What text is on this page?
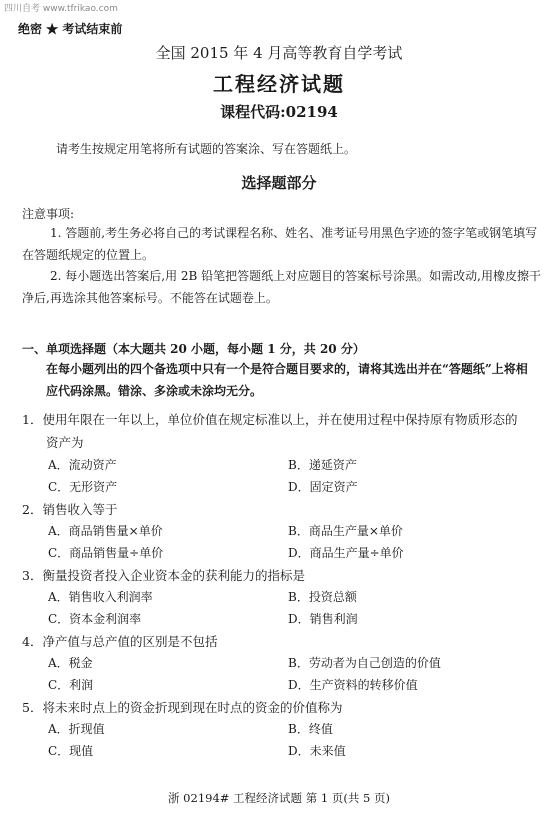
四川自考 www.tfrikao.com
绝密 ★ 考试结束前
全国 2015 年 4 月高等教育自学考试
工程经济试题
课程代码:02194
请考生按规定用笔将所有试题的答案涂、写在答题纸上。
选择题部分
注意事项:
1. 答题前,考生务必将自己的考试课程名称、姓名、准考证号用黑色字迹的签字笔或钢笔填写在答题纸规定的位置上。
2. 每小题选出答案后,用 2B 铅笔把答题纸上对应题目的答案标号涂黑。如需改动,用橡皮擦干净后,再选涂其他答案标号。不能答在试题卷上。
一、单项选择题（本大题共 20 小题，每小题 1 分，共 20 分）
在每小题列出的四个备选项中只有一个是符合题目要求的，请将其选出并在“答题纸”上将相应代码涂黑。错涂、多涂或未涂均无分。
1．使用年限在一年以上，单位价值在规定标准以上，并在使用过程中保持原有物质形态的
资产为
A．流动资产	B．递延资产
C．无形资产	D．固定资产
2．销售收入等于
A．商品销售量×单价	B．商品生产量×单价
C．商品销售量÷单价	D．商品生产量÷单价
3．衡量投资者投入企业资本金的获利能力的指标是
A．销售收入利润率	B．投资总额
C．资本金利润率	D．销售利润
4．净产值与总产值的区别是不包括
A．税金	B．劳动者为自己创造的价值
C．利润	D．生产资料的转移价值
5．将未来时点上的资金折现到现在时点的资金的价值称为
A．折现值	B．终值
C．现值	D．未来值
浙 02194# 工程经济试题 第 1 页(共 5 页)
